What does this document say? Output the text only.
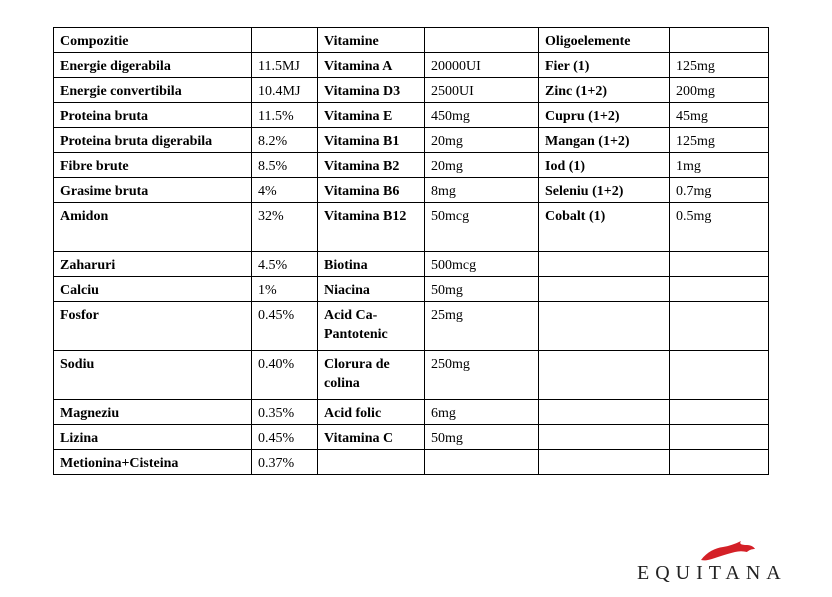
Compozitie		Vitamine		Oligoelemente	
Energie digerabila	11.5MJ	Vitamina A	20000UI	Fier (1)	125mg
Energie convertibila	10.4MJ	Vitamina D3	2500UI	Zinc (1+2)	200mg
Proteina bruta	11.5%	Vitamina E	450mg	Cupru (1+2)	45mg
Proteina bruta digerabila	8.2%	Vitamina B1	20mg	Mangan (1+2)	125mg
Fibre brute	8.5%	Vitamina B2	20mg	Iod (1)	1mg
Grasime bruta	4%	Vitamina B6	8mg	Seleniu (1+2)	0.7mg
Amidon	32%	Vitamina B12	50mcg	Cobalt (1)	0.5mg
Zaharuri	4.5%	Biotina	500mcg		
Calciu	1%	Niacina	50mg		
Fosfor	0.45%	Acid Ca-Pantotenic	25mg		
Sodiu	0.40%	Clorura de colina	250mg		
Magneziu	0.35%	Acid folic	6mg		
Lizina	0.45%	Vitamina C	50mg		
Metionina+Cisteina	0.37%				
EQUITANA
